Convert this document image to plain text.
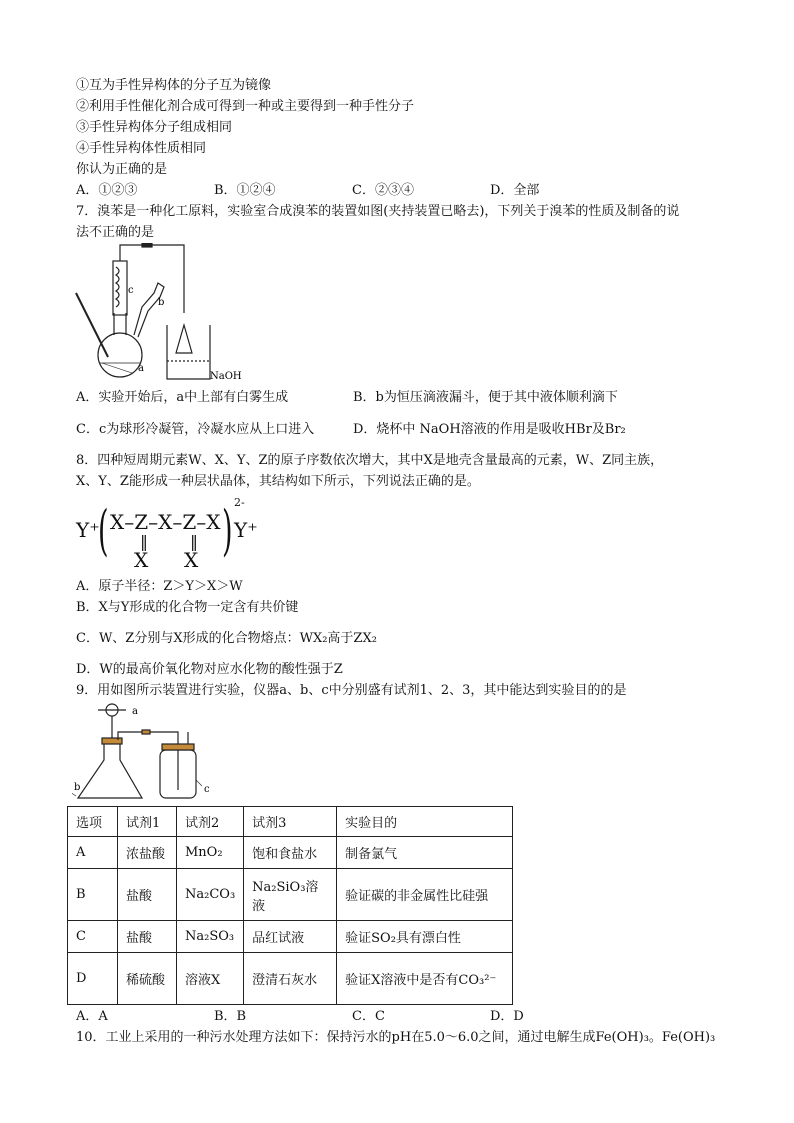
①互为手性异构体的分子互为镜像
②利用手性催化剂合成可得到一种或主要得到一种手性分子
③手性异构体分子组成相同
④手性异构体性质相同
你认为正确的是
A．①②③	B．①②④	C．②③④	D．全部
7．溴苯是一种化工原料，实验室合成溴苯的装置如图(夹持装置已略去)，下列关于溴苯的性质及制备的说
法不正确的是
a
b
c
NaOH
A．实验开始后，a中上部有白雾生成	B．b为恒压滴液漏斗，便于其中液体顺利滴下
C．c为球形冷凝管，冷凝水应从上口进入	D．烧杯中 NaOH溶液的作用是吸收HBr及Br₂
8．四种短周期元素W、X、Y、Z的原子序数依次增大，其中X是地壳含量最高的元素，W、Z同主族，
X、Y、Z能形成一种层状晶体，其结构如下所示，下列说法正确的是。
Y⁺
( X–Z–X–Z–X
‖	‖
X X ) 2-
Y⁺
A．原子半径：Z＞Y＞X＞W
B．X与Y形成的化合物一定含有共价键
C．W、Z分别与X形成的化合物熔点：WX₂高于ZX₂
D．W的最高价氧化物对应水化物的酸性强于Z
9．用如图所示装置进行实验，仪器a、b、c中分别盛有试剂1、2、3，其中能达到实验目的的是
a
b	c
选项	试剂1	试剂2	试剂3	实验目的
A	浓盐酸	MnO₂	饱和食盐水	制备氯气
B	盐酸	Na₂CO₃	Na₂SiO₃溶液	验证碳的非金属性比硅强
C	盐酸	Na₂SO₃	品红试液	验证SO₂具有漂白性
D	稀硫酸	溶液X	澄清石灰水	验证X溶液中是否有CO₃²⁻
A．A	B．B	C．C	D．D
10．工业上采用的一种污水处理方法如下：保持污水的pH在5.0～6.0之间，通过电解生成Fe(OH)₃。Fe(OH)₃
